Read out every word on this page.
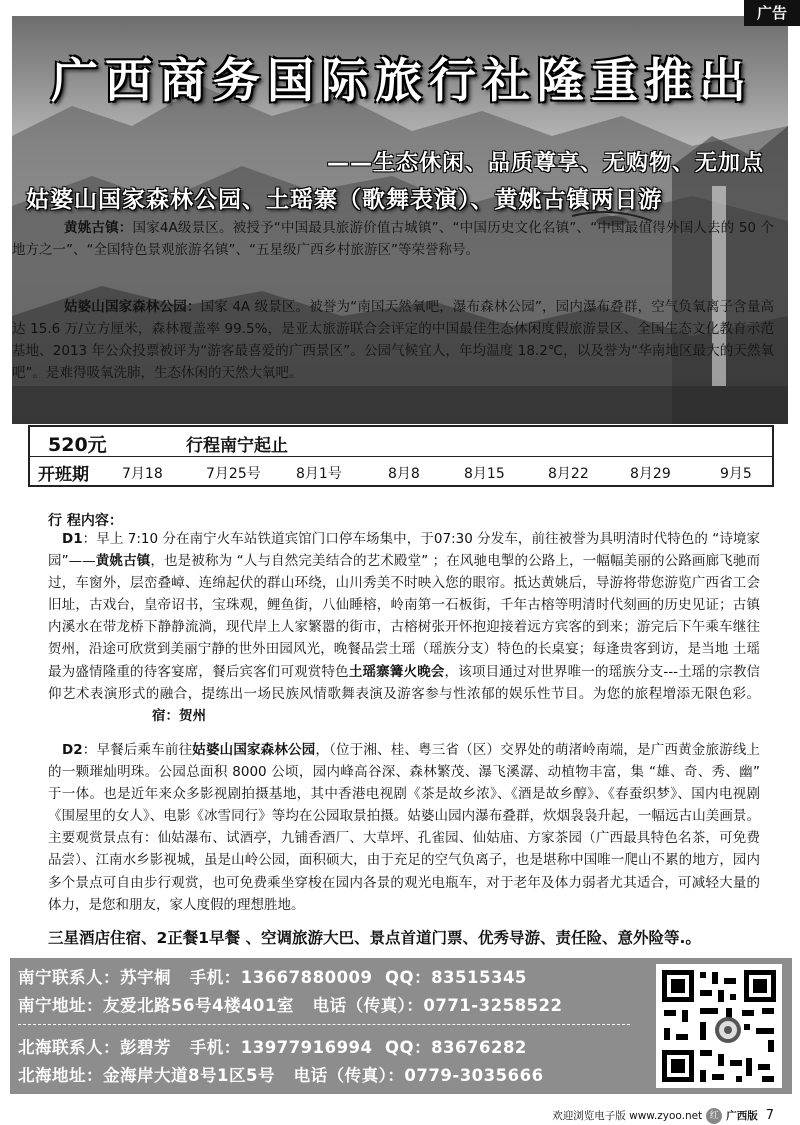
广告
广西商务国际旅行社隆重推出
——生态休闲、品质尊享、无购物、无加点
姑婆山国家森林公园、土瑶寨（歌舞表演）、黄姚古镇两日游

黄姚古镇：国家4A级景区。被授予“中国最具旅游价值古城镇”、“中国历史文化名镇”、“中国最值得外国人去的 50 个地方之一”、“全国特色景观旅游名镇”、“五星级广西乡村旅游区”等荣誉称号。

姑婆山国家森林公园：国家 4A 级景区。被誉为“南国天然氧吧，瀑布森林公园”，园内瀑布叠群，空气负氧离子含量高达 15.6 万/立方厘米，森林覆盖率 99.5%，是亚太旅游联合会评定的中国最佳生态休闲度假旅游景区、全国生态文化教育示范基地、2013 年公众投票被评为“游客最喜爱的广西景区”。公园气候宜人，年均温度 18.2℃，以及誉为“华南地区最大的天然氧吧”。是难得吸氧洗肺，生态休闲的天然大氧吧。

520元	行程南宁起止
开班期 7月18	7月25号	8月1号	8月8	8月15	8月22	8月29	9月5
行 程内容：

D1：早上 7:10 分在南宁火车站铁道宾馆门口停车场集中，于07:30 分发车，前往被誉为具明清时代特色的 “诗境家园”——黄姚古镇，也是被称为 “人与自然完美结合的艺术殿堂” ；在风驰电掣的公路上，一幅幅美丽的公路画廊飞驰而过，车窗外，层峦叠嶂、连绵起伏的群山环绕，山川秀美不时映入您的眼帘。抵达黄姚后，导游将带您游览广西省工会旧址，古戏台，皇帝诏书，宝珠观，鲤鱼街，八仙睡榕，岭南第一石板街，千年古榕等明清时代刻画的历史见证；古镇内溪水在带龙桥下静静流淌，现代岸上人家繁嚣的街市，古榕树张开怀抱迎接着远方宾客的到来；游完后下午乘车继往贺州，沿途可欣赏到美丽宁静的世外田园风光，晚餐品尝土瑶（瑶族分支）特色的长桌宴；每逢贵客到访，是当地 土瑶最为盛情隆重的待客宴席，餐后宾客们可观赏特色土瑶寨篝火晚会，该项目通过对世界唯一的瑶族分支---土瑶的宗教信仰艺术表演形式的融合，提练出一场民族风情歌舞表演及游客参与性浓郁的娱乐性节目。为您的旅程增添无限色彩。宿：贺州

D2：早餐后乘车前往姑婆山国家森林公园，（位于湘、桂、粤三省（区）交界处的萌渚岭南端，是广西黄金旅游线上的一颗璀灿明珠。公园总面积 8000 公顷，园内峰高谷深、森林繁茂、瀑飞溪潺、动植物丰富，集 “雄、奇、秀、幽” 于一体。也是近年来众多影视剧拍摄基地，其中香港电视剧《茶是故乡浓》、《酒是故乡醇》、《春蚕织梦》、国内电视剧《围屋里的女人》、电影《冰雪同行》等均在公园取景拍摄。姑婆山园内瀑布叠群，炊烟袅袅升起，一幅远古山美画景。主要观赏景点有：仙姑瀑布、试酒亭，九铺香酒厂、大草坪、孔雀园、仙姑庙、方家茶园（广西最具特色名茶，可免费品尝）、江南水乡影视城，虽是山岭公园，面积硕大，由于充足的空气负离子，也是堪称中国唯一爬山不累的地方，园内多个景点可自由步行观赏，也可免费乘坐穿梭在园内各景的观光电瓶车，对于老年及体力弱者尤其适合，可减轻大量的体力，是您和朋友，家人度假的理想胜地。

三星酒店住宿、2正餐1早餐 、空调旅游大巴、景点首道门票、优秀导游、责任险、意外险等.。
南宁联系人：苏宇桐   手机：13667880009  QQ：83515345
南宁地址：友爱北路56号4楼401室   电话（传真）：0771-3258522
北海联系人：彭碧芳   手机：13977916994  QQ：83676282
北海地址：金海岸大道8号1区5号   电话（传真）：0779-3035666
欢迎浏览电子版 www.zyoo.net 红 广西版 7
